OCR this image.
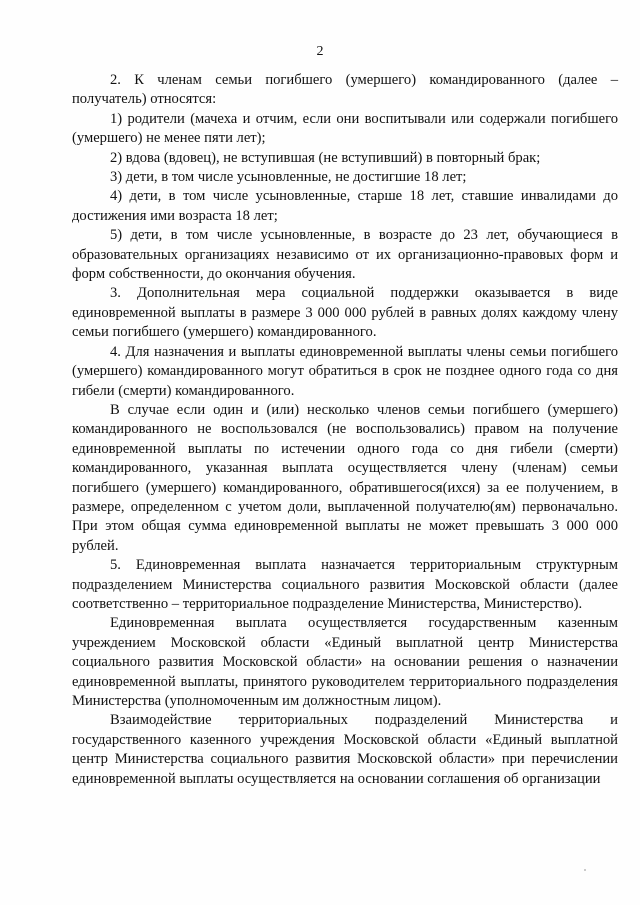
2

2. К членам семьи погибшего (умершего) командированного (далее – получатель) относятся:

1) родители (мачеха и отчим, если они воспитывали или содержали погибшего (умершего) не менее пяти лет);

2) вдова (вдовец), не вступившая (не вступивший) в повторный брак;

3) дети, в том числе усыновленные, не достигшие 18 лет;

4) дети, в том числе усыновленные, старше 18 лет, ставшие инвалидами до достижения ими возраста 18 лет;

5) дети, в том числе усыновленные, в возрасте до 23 лет, обучающиеся в образовательных организациях независимо от их организационно-правовых форм и форм собственности, до окончания обучения.

3. Дополнительная мера социальной поддержки оказывается в виде единовременной выплаты в размере 3 000 000 рублей в равных долях каждому члену семьи погибшего (умершего) командированного.

4. Для назначения и выплаты единовременной выплаты члены семьи погибшего (умершего) командированного могут обратиться в срок не позднее одного года со дня гибели (смерти) командированного.

В случае если один и (или) несколько членов семьи погибшего (умершего) командированного не воспользовался (не воспользовались) правом на получение единовременной выплаты по истечении одного года со дня гибели (смерти) командированного, указанная выплата осуществляется члену (членам) семьи погибшего (умершего) командированного, обратившегося(ихся) за ее получением, в размере, определенном с учетом доли, выплаченной получателю(ям) первоначально. При этом общая сумма единовременной выплаты не может превышать 3 000 000 рублей.

5. Единовременная выплата назначается территориальным структурным подразделением Министерства социального развития Московской области (далее соответственно – территориальное подразделение Министерства, Министерство).

Единовременная выплата осуществляется государственным казенным учреждением Московской области «Единый выплатной центр Министерства социального развития Московской области» на основании решения о назначении единовременной выплаты, принятого руководителем территориального подразделения Министерства (уполномоченным им должностным лицом).

Взаимодействие территориальных подразделений Министерства и государственного казенного учреждения Московской области «Единый выплатной центр Министерства социального развития Московской области» при перечислении единовременной выплаты осуществляется на основании соглашения об организации
